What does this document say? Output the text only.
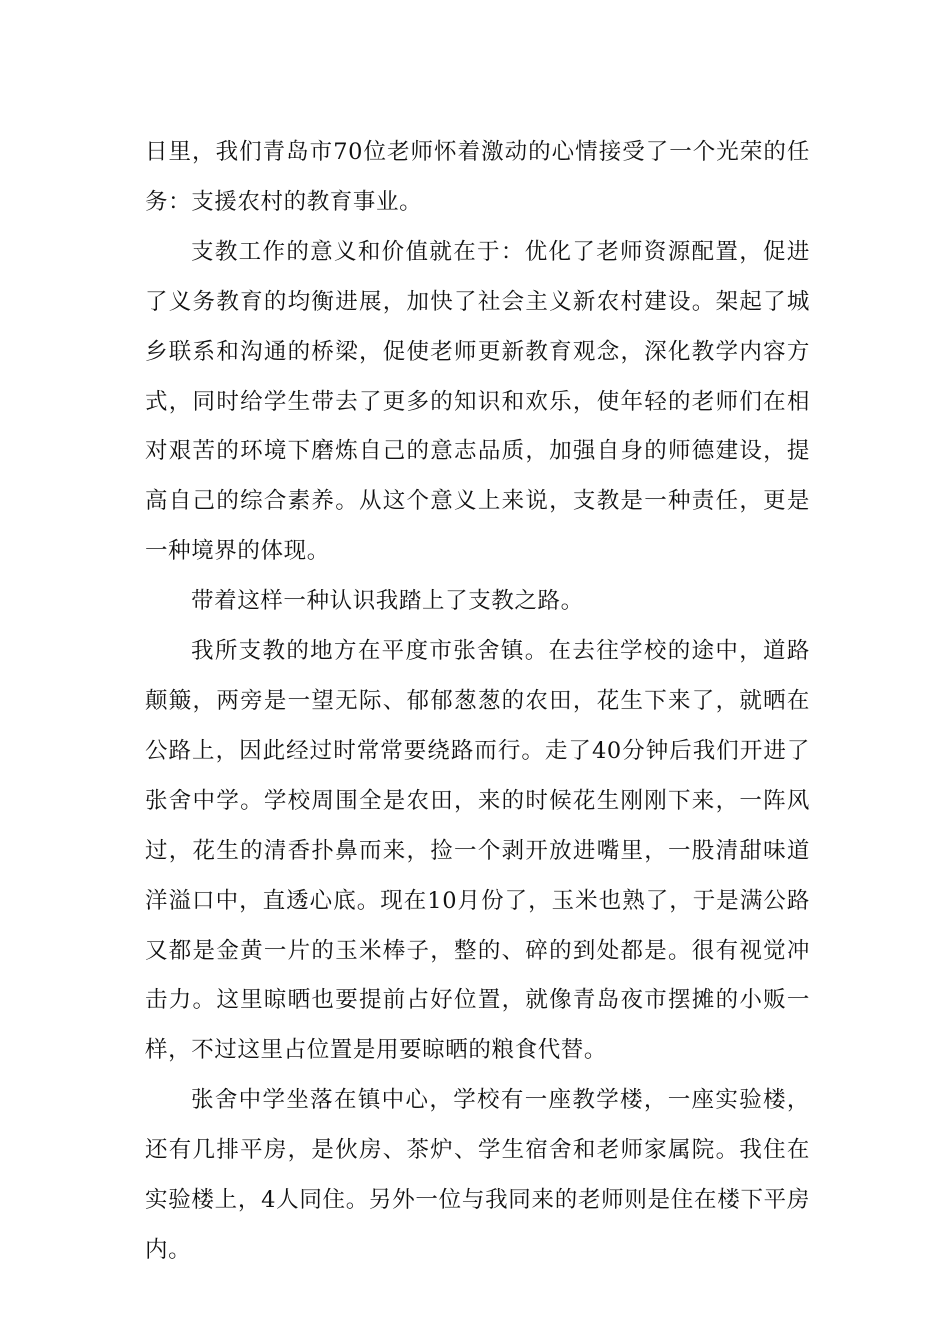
日里，我们青岛市70位老师怀着激动的心情接受了一个光荣的任务：支援农村的教育事业。

支教工作的意义和价值就在于：优化了老师资源配置，促进了义务教育的均衡进展，加快了社会主义新农村建设。架起了城乡联系和沟通的桥梁，促使老师更新教育观念，深化教学内容方式，同时给学生带去了更多的知识和欢乐，使年轻的老师们在相对艰苦的环境下磨炼自己的意志品质，加强自身的师德建设，提高自己的综合素养。从这个意义上来说，支教是一种责任，更是一种境界的体现。

带着这样一种认识我踏上了支教之路。

我所支教的地方在平度市张舍镇。在去往学校的途中，道路颠簸，两旁是一望无际、郁郁葱葱的农田，花生下来了，就晒在公路上，因此经过时常常要绕路而行。走了40分钟后我们开进了张舍中学。学校周围全是农田，来的时候花生刚刚下来，一阵风过，花生的清香扑鼻而来，捡一个剥开放进嘴里，一股清甜味道洋溢口中，直透心底。现在10月份了，玉米也熟了，于是满公路又都是金黄一片的玉米棒子，整的、碎的到处都是。很有视觉冲击力。这里晾晒也要提前占好位置，就像青岛夜市摆摊的小贩一样，不过这里占位置是用要晾晒的粮食代替。

张舍中学坐落在镇中心，学校有一座教学楼，一座实验楼，还有几排平房，是伙房、茶炉、学生宿舍和老师家属院。我住在实验楼上，4人同住。另外一位与我同来的老师则是住在楼下平房内。
